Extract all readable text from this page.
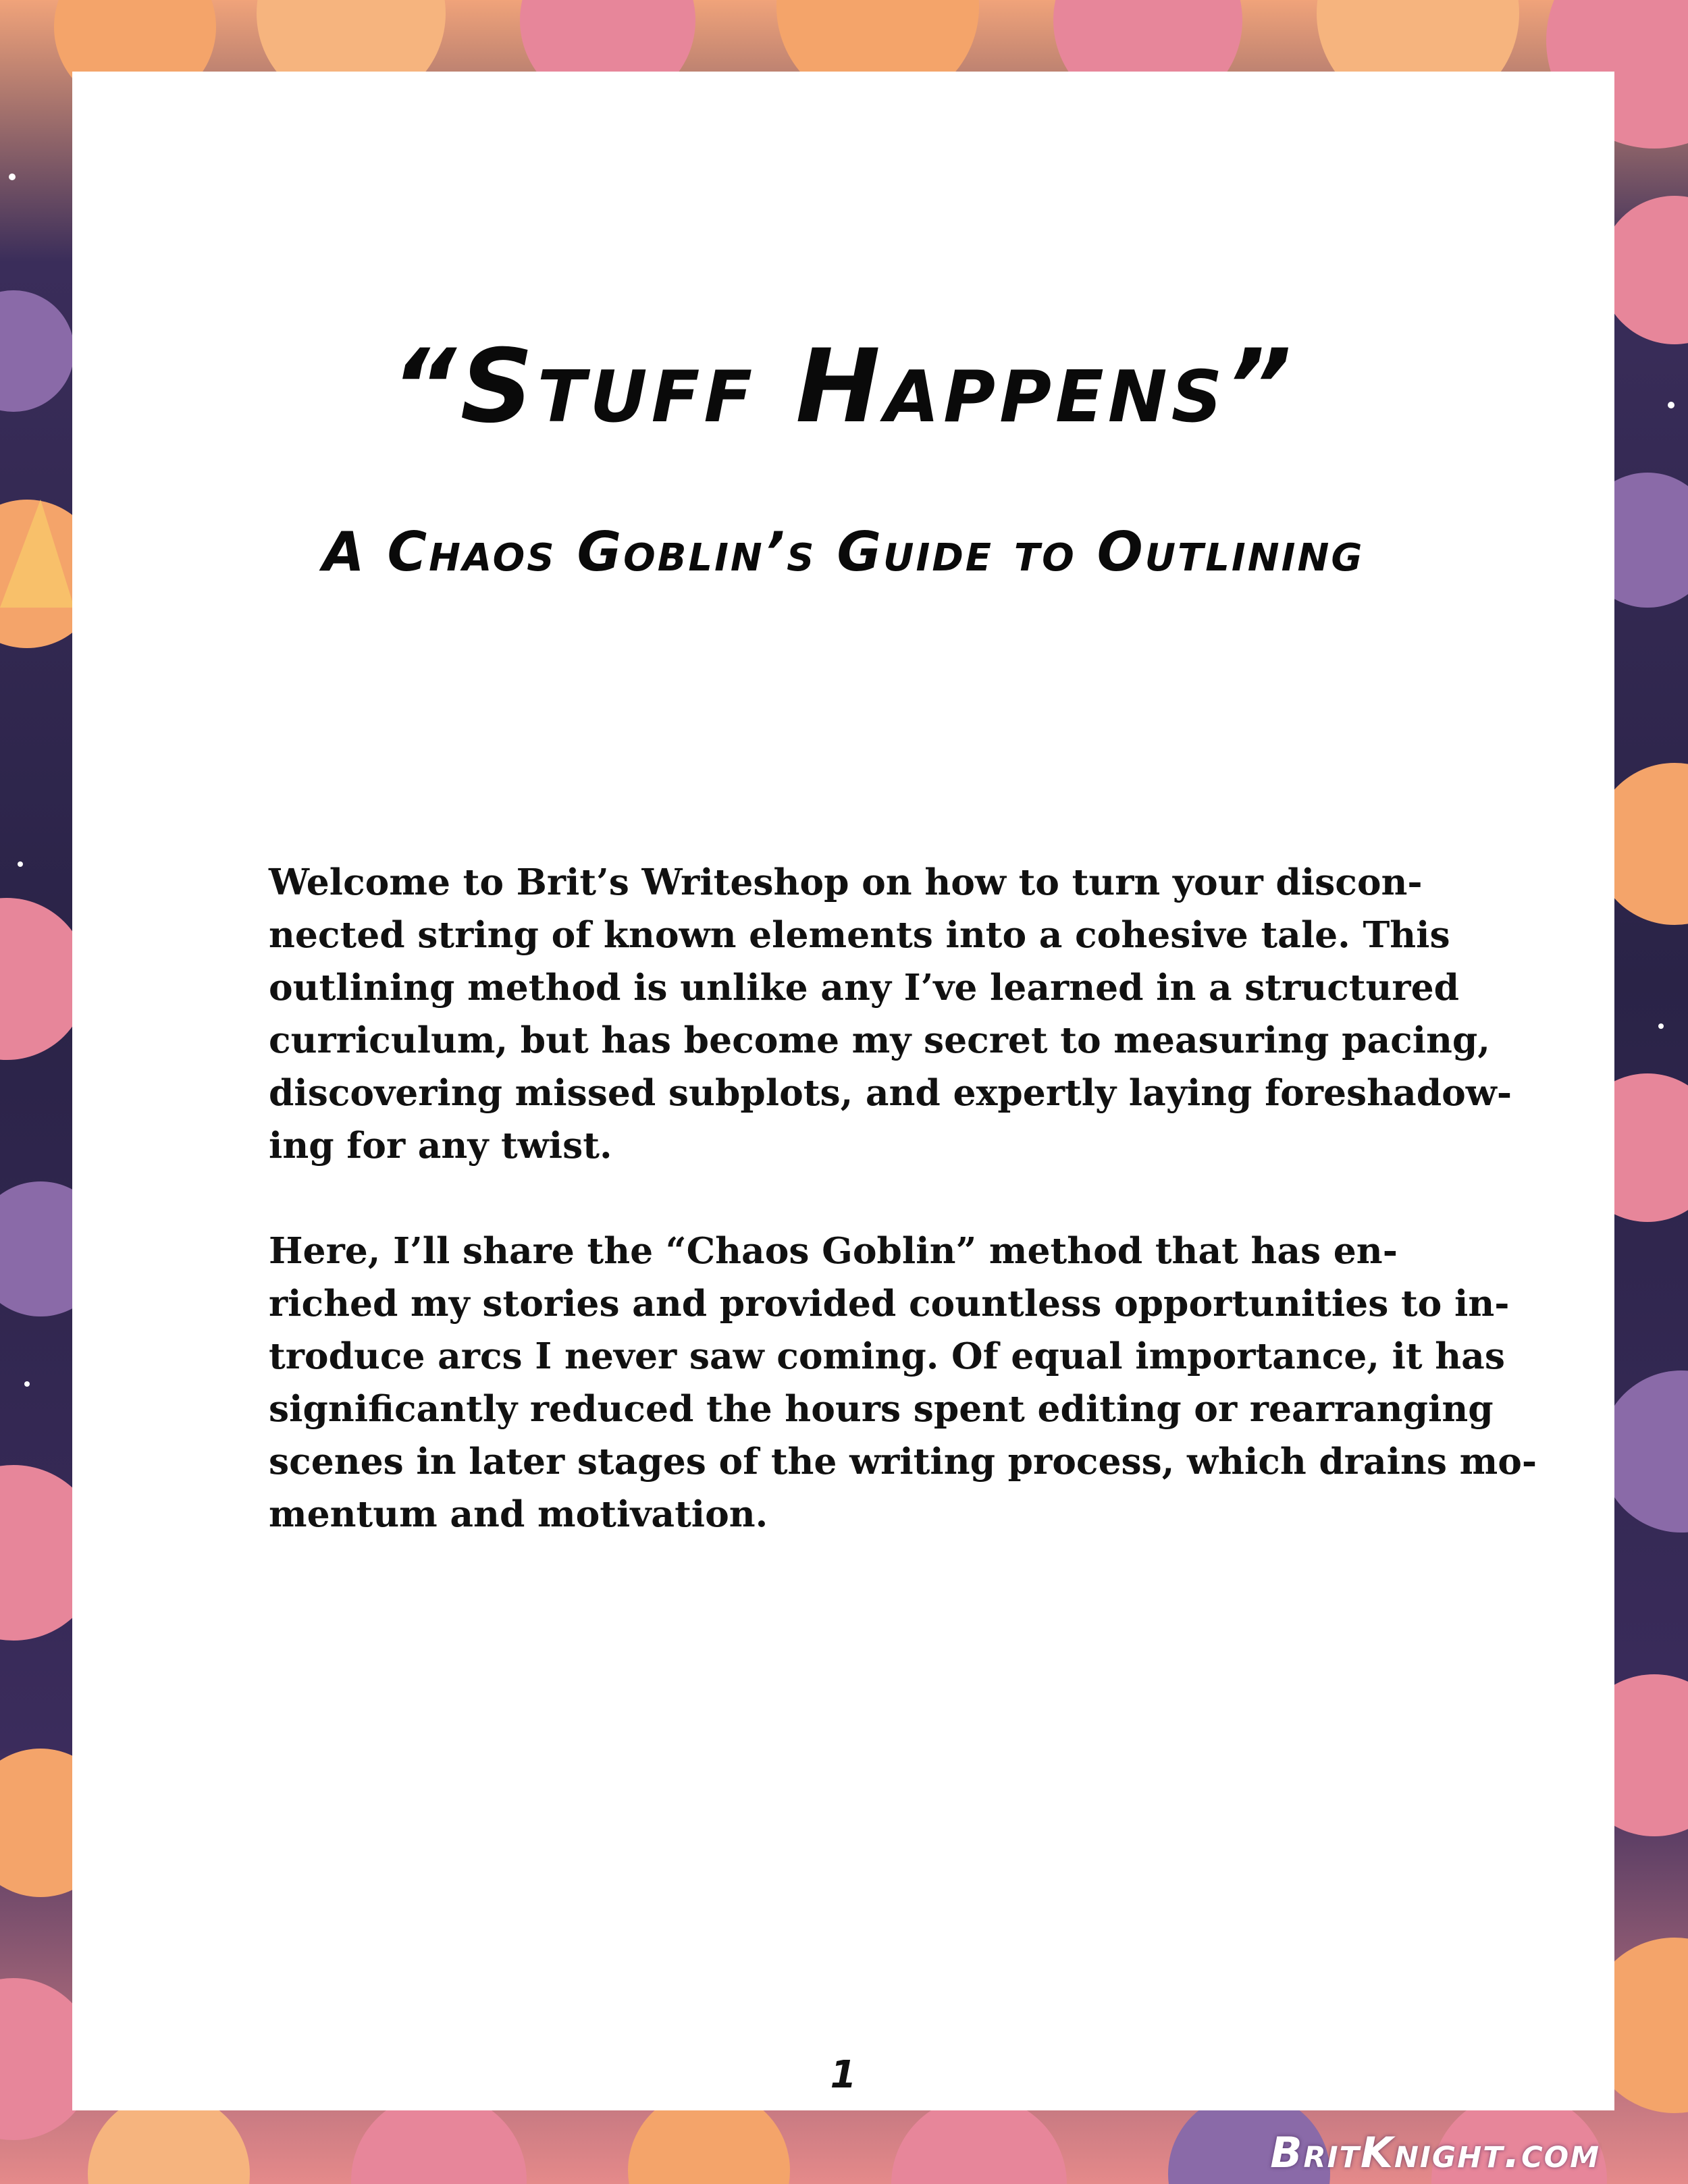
“Stuff Happens”
A Chaos Goblin’s Guide to Outlining

Welcome to Brit’s Writeshop on how to turn your discon-
nected string of known elements into a cohesive tale. This
outlining method is unlike any I’ve learned in a structured
curriculum, but has become my secret to measuring pacing,
discovering missed subplots, and expertly laying foreshadow-
ing for any twist.

Here, I’ll share the “Chaos Goblin” method that has en-
riched my stories and provided countless opportunities to in-
troduce arcs I never saw coming. Of equal importance, it has
significantly reduced the hours spent editing or rearranging
scenes in later stages of the writing process, which drains mo-
mentum and motivation.

1
BritKnight.com
